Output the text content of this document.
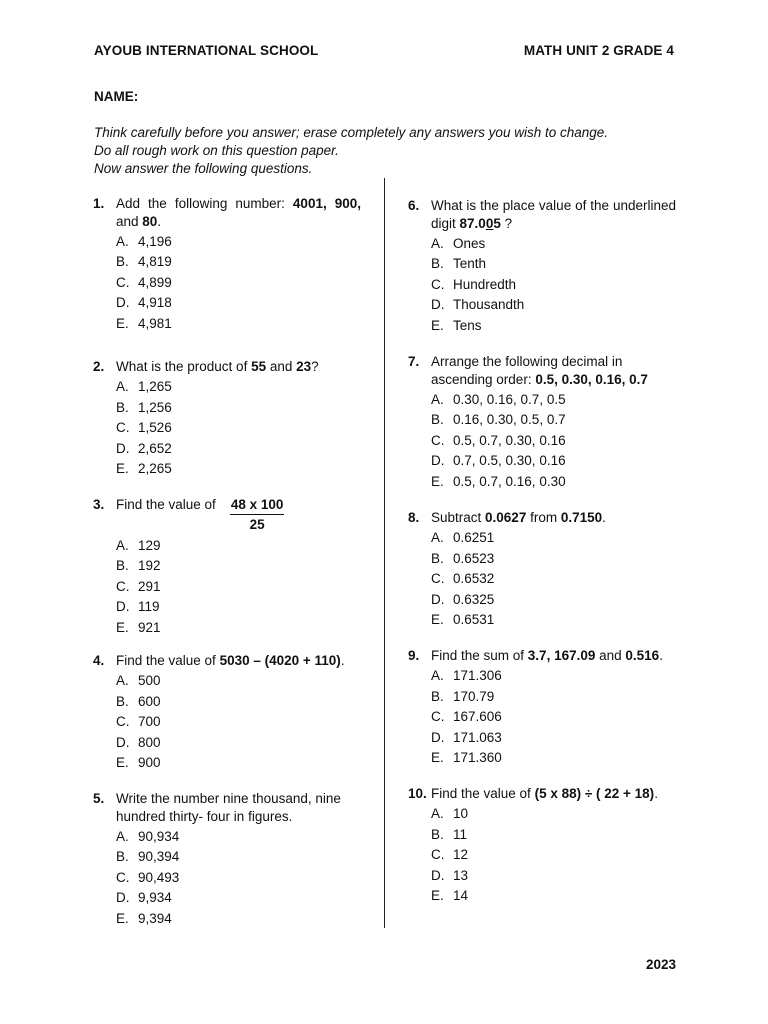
AYOUB INTERNATIONAL SCHOOL	MATH UNIT 2 GRADE 4
NAME:
Think carefully before you answer; erase completely any answers you wish to change.
Do all rough work on this question paper.
Now answer the following questions.
1. Add the following number: 4001, 900, and 80.
A. 4,196
B. 4,819
C. 4,899
D. 4,918
E. 4,981
2. What is the product of 55 and 23?
A. 1,265
B. 1,256
C. 1,526
D. 2,652
E. 2,265
3. Find the value of $\frac{48 x 100}{25}$
A. 129
B. 192
C. 291
D. 119
E. 921
4. Find the value of 5030 – (4020 + 110).
A. 500
B. 600
C. 700
D. 800
E. 900
5. Write the number nine thousand, nine hundred thirty- four in figures.
A. 90,934
B. 90,394
C. 90,493
D. 9,934
E. 9,394
6. What is the place value of the underlined digit 87.005 ?
A. Ones
B. Tenth
C. Hundredth
D. Thousandth
E. Tens
7. Arrange the following decimal in ascending order: 0.5, 0.30, 0.16, 0.7
A. 0.30, 0.16, 0.7, 0.5
B. 0.16, 0.30, 0.5, 0.7
C. 0.5, 0.7, 0.30, 0.16
D. 0.7, 0.5, 0.30, 0.16
E. 0.5, 0.7, 0.16, 0.30
8. Subtract 0.0627 from 0.7150.
A. 0.6251
B. 0.6523
C. 0.6532
D. 0.6325
E. 0.6531
9. Find the sum of 3.7, 167.09 and 0.516.
A. 171.306
B. 170.79
C. 167.606
D. 171.063
E. 171.360
10. Find the value of (5 x 88) ÷ ( 22 + 18).
A. 10
B. 11
C. 12
D. 13
E. 14
2023
